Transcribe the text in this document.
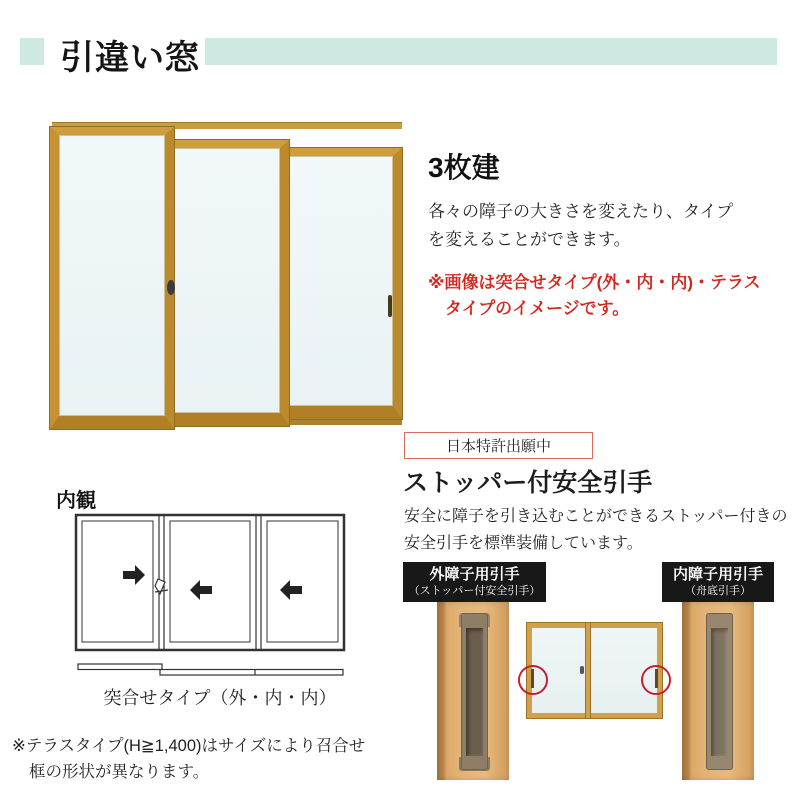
引違い窓
3枚建
各々の障子の大きさを変えたり、タイプ
を変えることができます。
※画像は突合せタイプ(外・内・内)・テラス
タイプのイメージです。
日本特許出願中
ストッパー付安全引手
安全に障子を引き込むことができるストッパー付きの
安全引手を標準装備しています。
外障子用引手
（ストッパー付安全引手）
内障子用引手
（舟底引手）
内観
突合せタイプ（外・内・内）
※テラスタイプ(H≧1,400)はサイズにより召合せ
框の形状が異なります。
